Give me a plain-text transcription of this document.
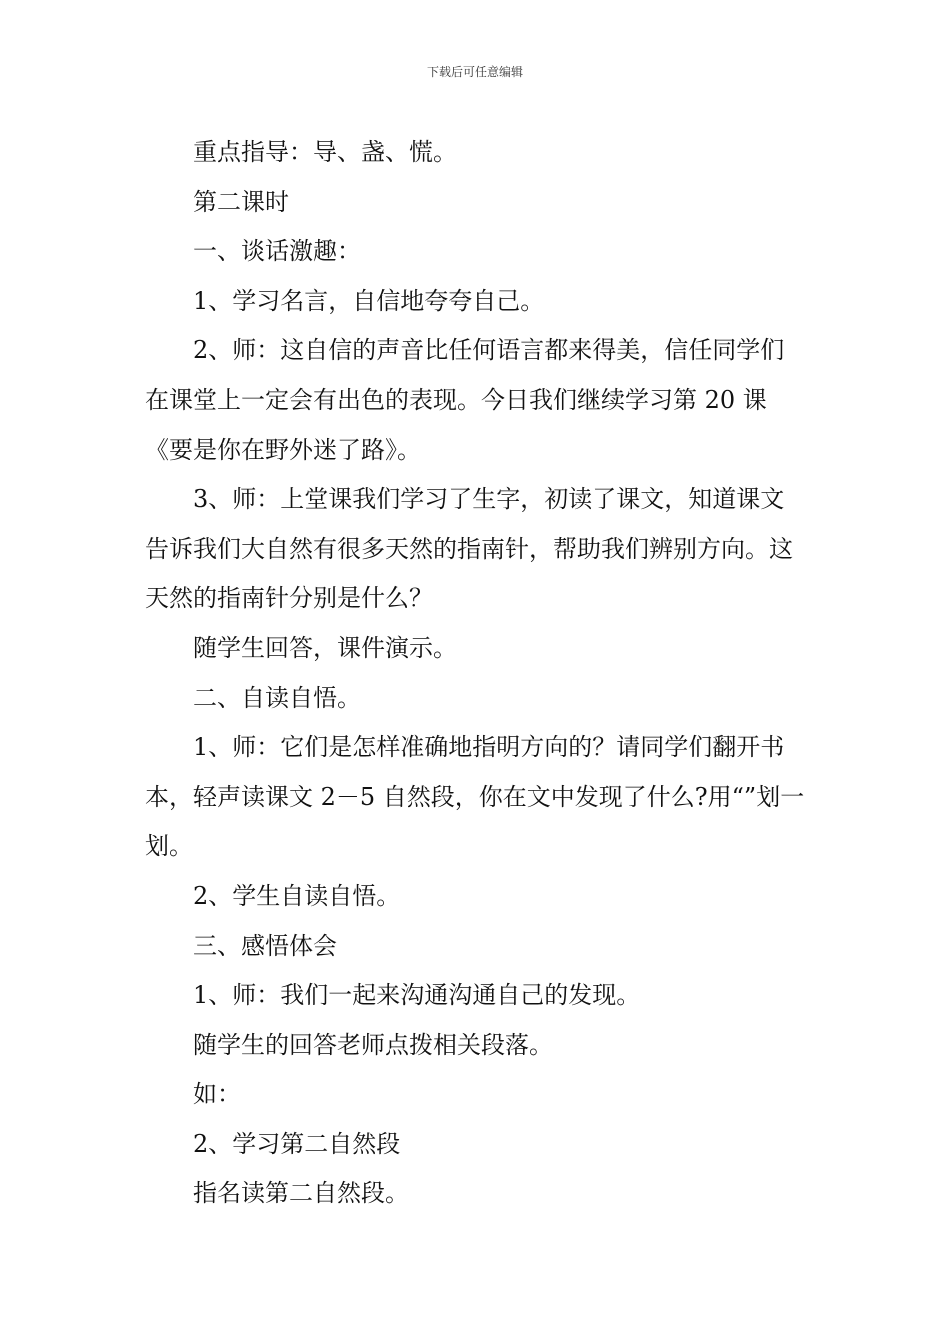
下载后可任意编辑

重点指导：导、盏、慌。

第二课时

一、谈话激趣：

1、学习名言，自信地夸夸自己。

2、师：这自信的声音比任何语言都来得美，信任同学们在课堂上一定会有出色的表现。今日我们继续学习第 20 课《要是你在野外迷了路》。

3、师：上堂课我们学习了生字，初读了课文，知道课文告诉我们大自然有很多天然的指南针，帮助我们辨别方向。这天然的指南针分别是什么？

随学生回答，课件演示。

二、自读自悟。

1、师：它们是怎样准确地指明方向的？请同学们翻开书本，轻声读课文 2－5 自然段，你在文中发现了什么?用“”划一划。

2、学生自读自悟。

三、感悟体会

1、师：我们一起来沟通沟通自己的发现。

随学生的回答老师点拨相关段落。

如：

2、学习第二自然段

指名读第二自然段。
